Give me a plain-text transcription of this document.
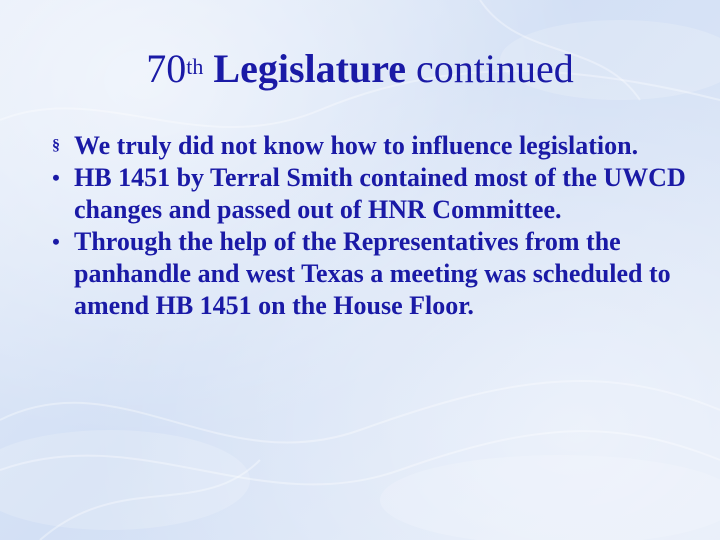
70th Legislature continued
§ We truly did not know how to influence legislation.
• HB 1451 by Terral Smith contained most of the UWCD changes and passed out of HNR Committee.
• Through the help of the Representatives from the panhandle and west Texas a meeting was scheduled to amend HB 1451 on the House Floor.
